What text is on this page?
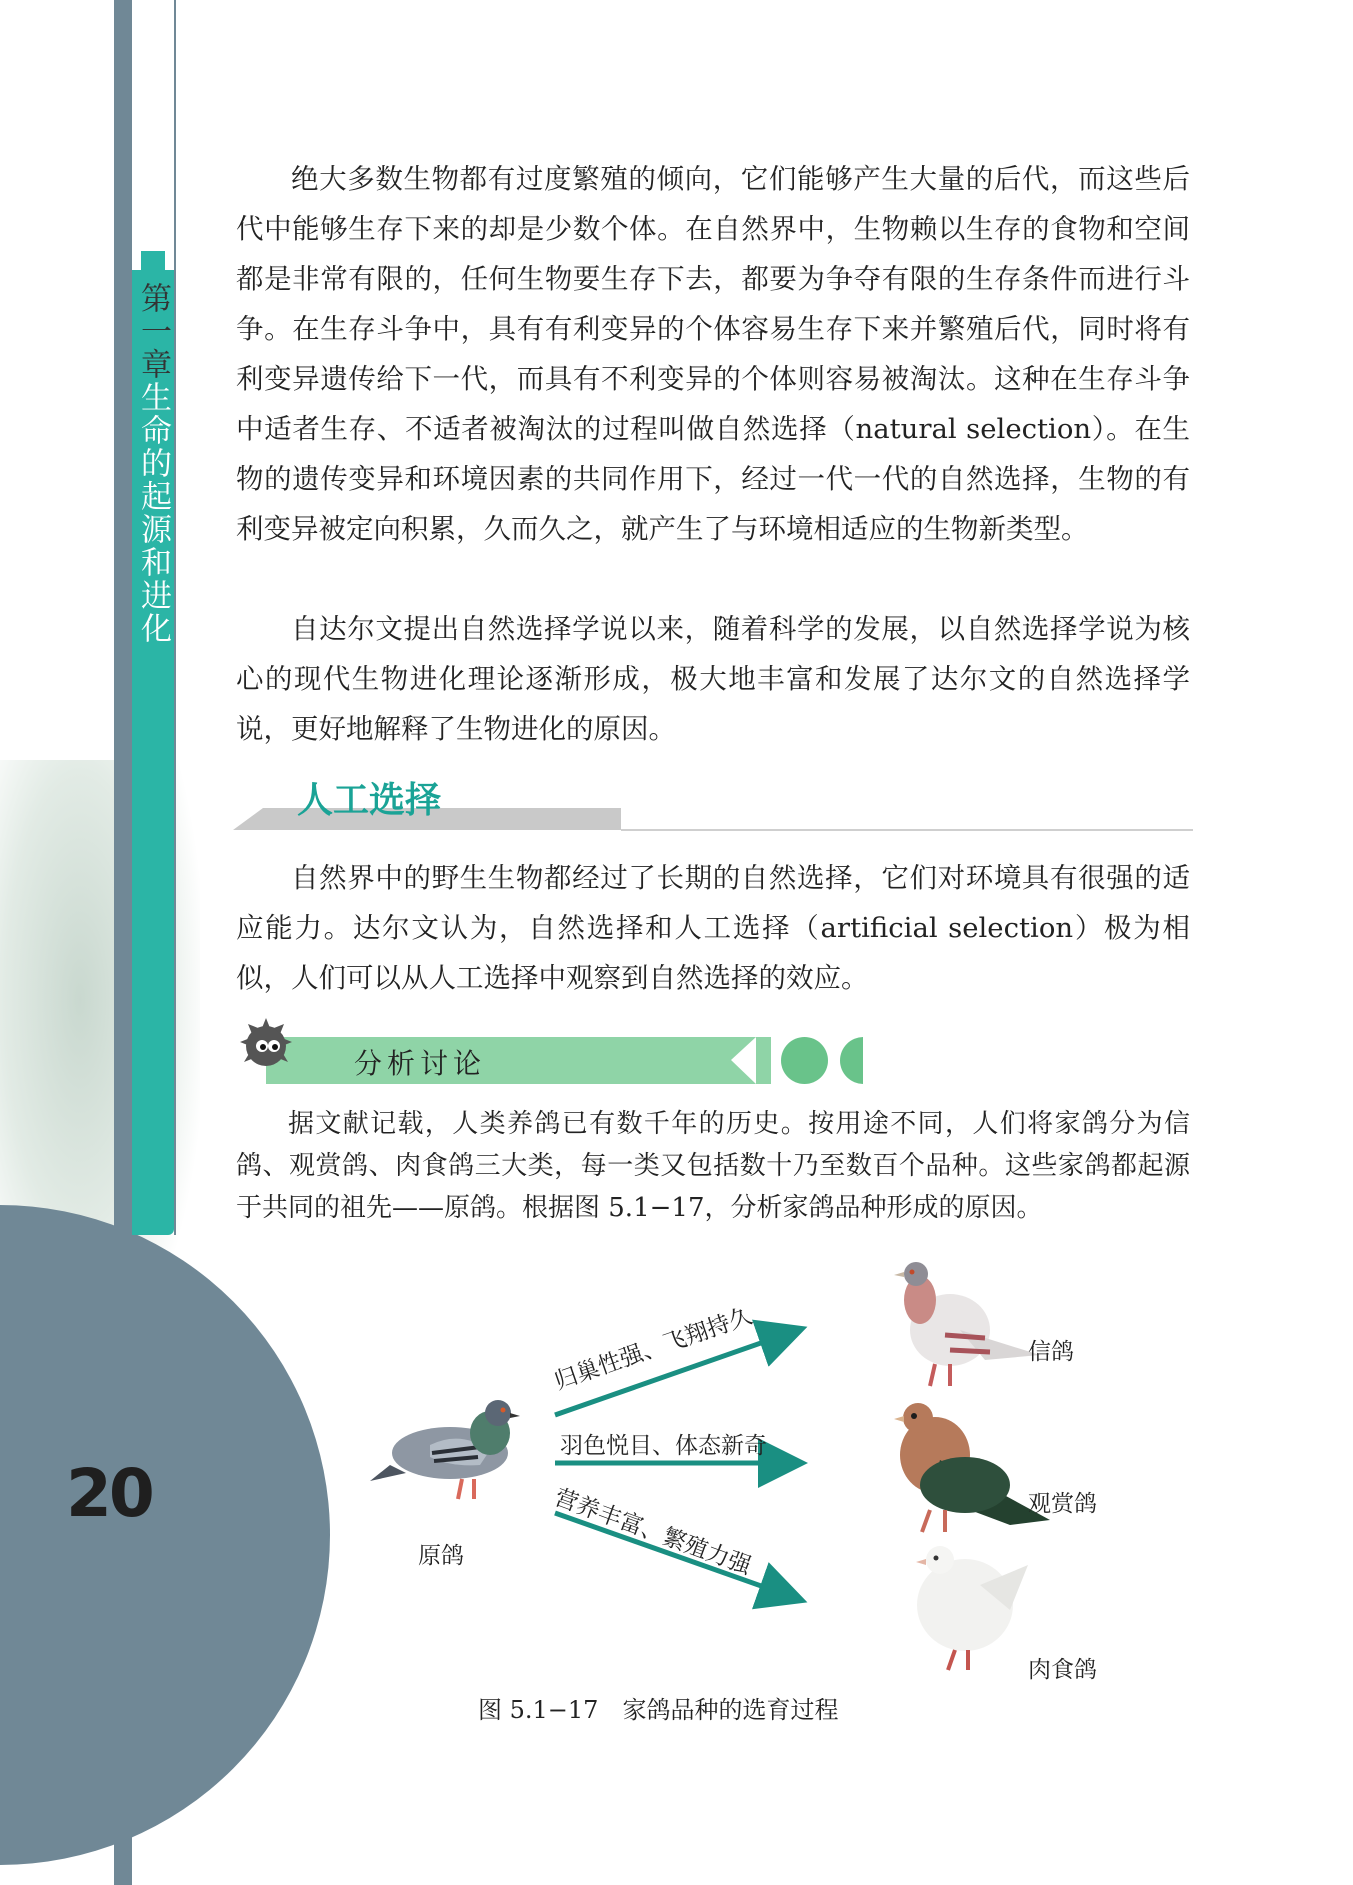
第一章生命的起源和进化
20

绝大多数生物都有过度繁殖的倾向，它们能够产生大量的后代，而这些后代中能够生存下来的却是少数个体。在自然界中，生物赖以生存的食物和空间都是非常有限的，任何生物要生存下去，都要为争夺有限的生存条件而进行斗争。在生存斗争中，具有有利变异的个体容易生存下来并繁殖后代，同时将有利变异遗传给下一代，而具有不利变异的个体则容易被淘汰。这种在生存斗争中适者生存、不适者被淘汰的过程叫做自然选择（natural selection）。在生物的遗传变异和环境因素的共同作用下，经过一代一代的自然选择，生物的有利变异被定向积累，久而久之，就产生了与环境相适应的生物新类型。

自达尔文提出自然选择学说以来，随着科学的发展，以自然选择学说为核心的现代生物进化理论逐渐形成，极大地丰富和发展了达尔文的自然选择学说，更好地解释了生物进化的原因。

人工选择

自然界中的野生生物都经过了长期的自然选择，它们对环境具有很强的适应能力。达尔文认为，自然选择和人工选择（artificial selection）极为相似，人们可以从人工选择中观察到自然选择的效应。

分析讨论

据文献记载，人类养鸽已有数千年的历史。按用途不同，人们将家鸽分为信鸽、观赏鸽、肉食鸽三大类，每一类又包括数十乃至数百个品种。这些家鸽都起源于共同的祖先——原鸽。根据图 5.1−17，分析家鸽品种形成的原因。

原鸽
归巢性强、飞翔持久
羽色悦目、体态新奇
营养丰富、繁殖力强
信鸽
观赏鸽
肉食鸽
图 5.1−17　家鸽品种的选育过程
